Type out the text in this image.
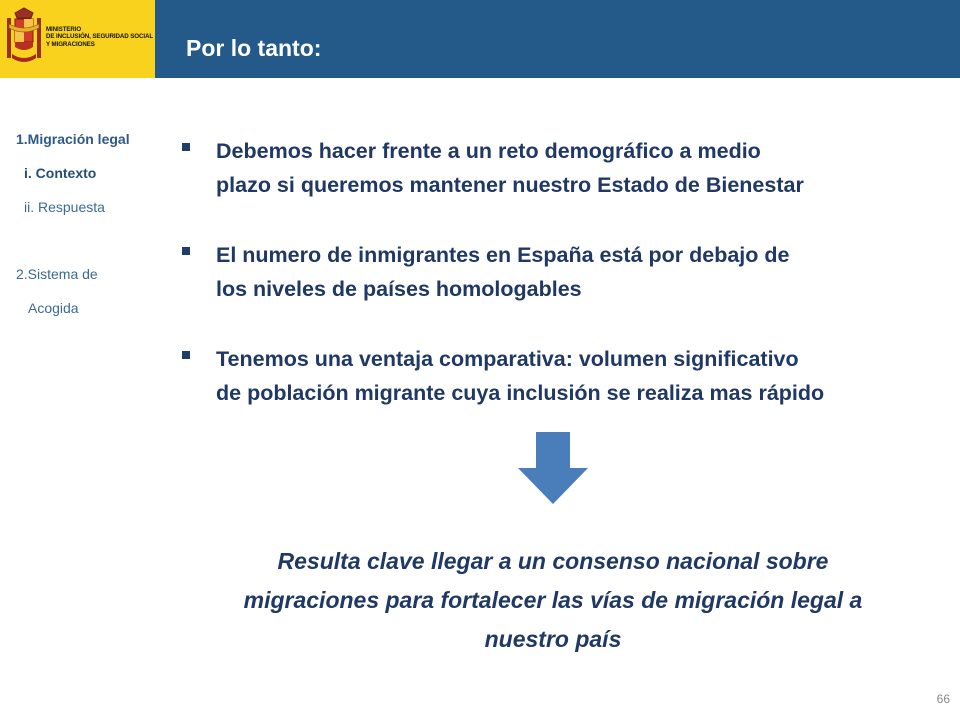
MINISTERIO
DE INCLUSIÓN, SEGURIDAD SOCIAL
Y MIGRACIONES	Por lo tanto:
1.Migración legal
i. Contexto
ii. Respuesta
2.Sistema de
Acogida
Debemos hacer frente a un reto demográfico a medio
plazo si queremos mantener nuestro Estado de Bienestar
El numero de inmigrantes en España está por debajo de
los niveles de países homologables
Tenemos una ventaja comparativa: volumen significativo
de población migrante cuya inclusión se realiza mas rápido
Resulta clave llegar a un consenso nacional sobre
migraciones para fortalecer las vías de migración legal a
nuestro país
66
